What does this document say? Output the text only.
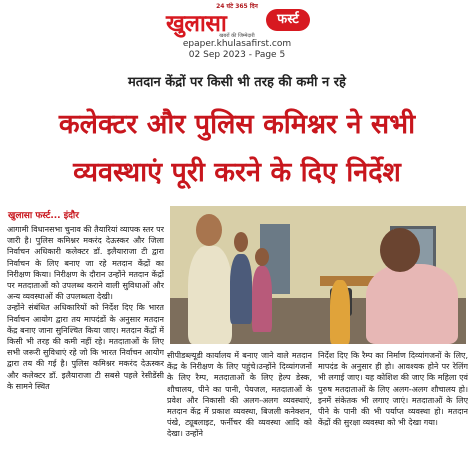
24 घंटे 365 दिन
खुलासा	फर्स्ट
खबरों की जिम्मेदारी
epaper.khulasafirst.com
02 Sep 2023 - Page 5
मतदान केंद्रों पर किसी भी तरह की कमी न रहे
कलेक्टर और पुलिस कमिश्नर ने सभी
व्यवस्थाएं पूरी करने के दिए निर्देश
खुलासा फर्स्ट... इंदौर

आगामी विधानसभा चुनाव की तैयारियां व्यापक स्तर पर जारी है। पुलिस कमिश्नर मकरंद देऊस्कर और जिला निर्वाचन अधिकारी कलेक्टर डॉ. इलैयाराजा टी द्वारा निर्वाचन के लिए बनाए जा रहे मतदान केंद्रों का निरीक्षण किया। निरीक्षण के दौरान उन्होंने मतदान केंद्रों पर मतदाताओं को उपलब्ध कराने वाली सुविधाओं और अन्य व्यवस्थाओं की उपलब्धता देखी।

उन्होंने संबंधित अधिकारियों को निर्देश दिए कि भारत निर्वाचन आयोग द्वारा तय मापदंडों के अनुसार मतदान केंद्र बनाए जाना सुनिश्चित किया जाए। मतदान केंद्रों में किसी भी तरह की कमी नहीं रहे। मतदाताओं के लिए सभी जरूरी सुविधाएं रहे जो कि भारत निर्वाचन आयोग द्वारा तय की गई है। पुलिस कमिश्नर मकरंद देऊस्कर और कलेक्टर डॉ. इलैयाराजा टी सबसे पहले रेसीडेंसी के सामने स्थित

सीपीडब्ल्यूडी कार्यालय में बनाए जाने वाले मतदान केंद्र के निरीक्षण के लिए पहुंचे।उन्होंने दिव्यांगजनों के लिए रैम्प, मतदाताओं के लिए हेल्प डेस्क, शौचालय, पीने का पानी, पेयजल, मतदाताओं के प्रवेश और निकासी की अलग-अलग व्यवस्थाएं, मतदान केंद्र में प्रकाश व्यवस्था, बिजली कनेक्शन, पंखे, ट्यूबलाइट, फर्नीचर की व्यवस्था आदि को देखा। उन्होंने

निर्देश दिए कि रैम्प का निर्माण दिव्यांगजनों के लिए, मापदंड के अनुसार ही हो। आवश्यक होने पर रेलिंग भी लगाई जाए। यह कोशिश की जाए कि महिला एवं पुरुष मतदाताओं के लिए अलग-अलग शौचालय हो। इनमें संकेतक भी लगाए जाएं। मतदाताओं के लिए पीने के पानी की भी पर्याप्त व्यवस्था हो। मतदान केंद्रों की सुरक्षा व्यवस्था को भी देखा गया।
